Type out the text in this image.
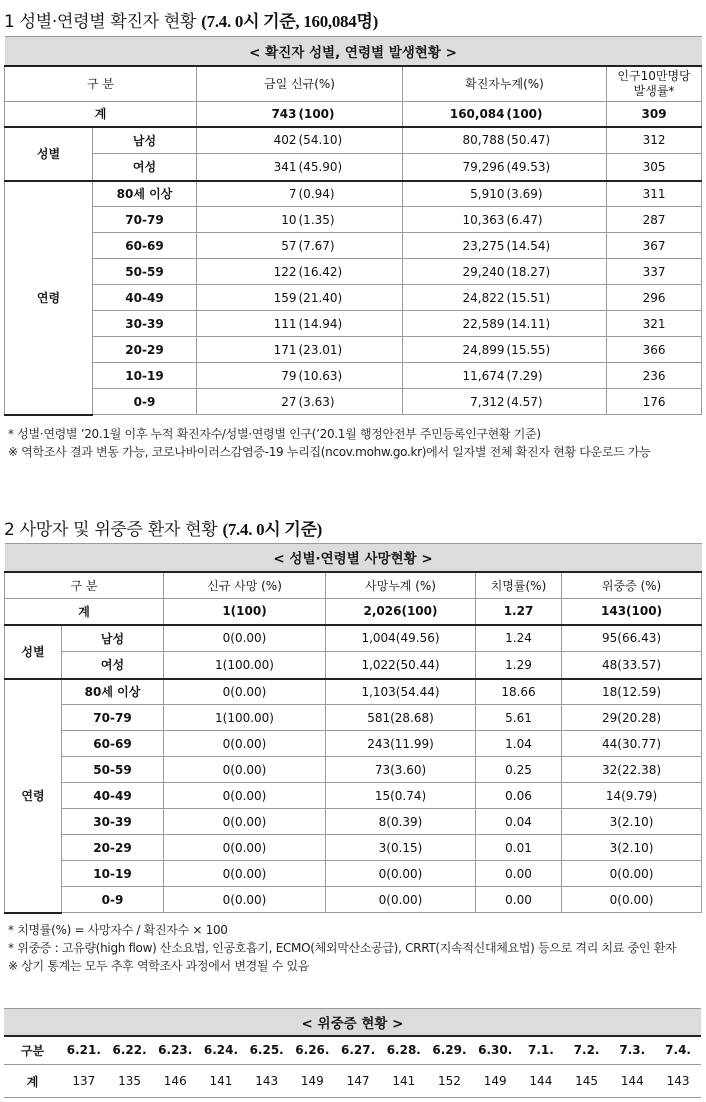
1 성별·연령별 확진자 현황 (7.4. 0시 기준, 160,084명)
< 확진자 성별, 연령별 발생현황 >						
구 분		금일 신규(%)		확진자누계(%)		인구10만명당 발생률*
계		743	(100)	160,084	(100)	309
성별	남성	402	(54.10)	80,788	(50.47)	312
	여성	341	(45.90)	79,296	(49.53)	305
연령	80세 이상	7	(0.94)	5,910	(3.69)	311
	70-79	10	(1.35)	10,363	(6.47)	287
	60-69	57	(7.67)	23,275	(14.54)	367
	50-59	122	(16.42)	29,240	(18.27)	337
	40-49	159	(21.40)	24,822	(15.51)	296
	30-39	111	(14.94)	22,589	(14.11)	321
	20-29	171	(23.01)	24,899	(15.55)	366
	10-19	79	(10.63)	11,674	(7.29)	236
	0-9	27	(3.63)	7,312	(4.57)	176
* 성별·연령별 ’20.1월 이후 누적 확진자수/성별·연령별 인구(’20.1월 행정안전부 주민등록인구현황 기준)
※ 역학조사 결과 변동 가능, 코로나바이러스감염증-19 누리집(ncov.mohw.go.kr)에서 일자별 전체 확진자 현황 다운로드 가능
2 사망자 및 위중증 환자 현황 (7.4. 0시 기준)
< 성별·연령별 사망현황 >					
구 분		신규 사망 (%)	사망누계 (%)	치명률(%)	위중증 (%)
계		1(100)	2,026(100)	1.27	143(100)
성별	남성	0(0.00)	1,004(49.56)	1.24	95(66.43)
	여성	1(100.00)	1,022(50.44)	1.29	48(33.57)
연령	80세 이상	0(0.00)	1,103(54.44)	18.66	18(12.59)
	70-79	1(100.00)	581(28.68)	5.61	29(20.28)
	60-69	0(0.00)	243(11.99)	1.04	44(30.77)
	50-59	0(0.00)	73(3.60)	0.25	32(22.38)
	40-49	0(0.00)	15(0.74)	0.06	14(9.79)
	30-39	0(0.00)	8(0.39)	0.04	3(2.10)
	20-29	0(0.00)	3(0.15)	0.01	3(2.10)
	10-19	0(0.00)	0(0.00)	0.00	0(0.00)
	0-9	0(0.00)	0(0.00)	0.00	0(0.00)
* 치명률(%) = 사망자수 / 확진자수 × 100
* 위중증 : 고유량(high flow) 산소요법, 인공호흡기, ECMO(체외막산소공급), CRRT(지속적신대체요법) 등으로 격리 치료 중인 환자
※ 상기 통계는 모두 추후 역학조사 과정에서 변경될 수 있음
< 위중증 현황 >														
구분	6.21.	6.22.	6.23.	6.24.	6.25.	6.26.	6.27.	6.28.	6.29.	6.30.	7.1.	7.2.	7.3.	7.4.
계	137	135	146	141	143	149	147	141	152	149	144	145	144	143
